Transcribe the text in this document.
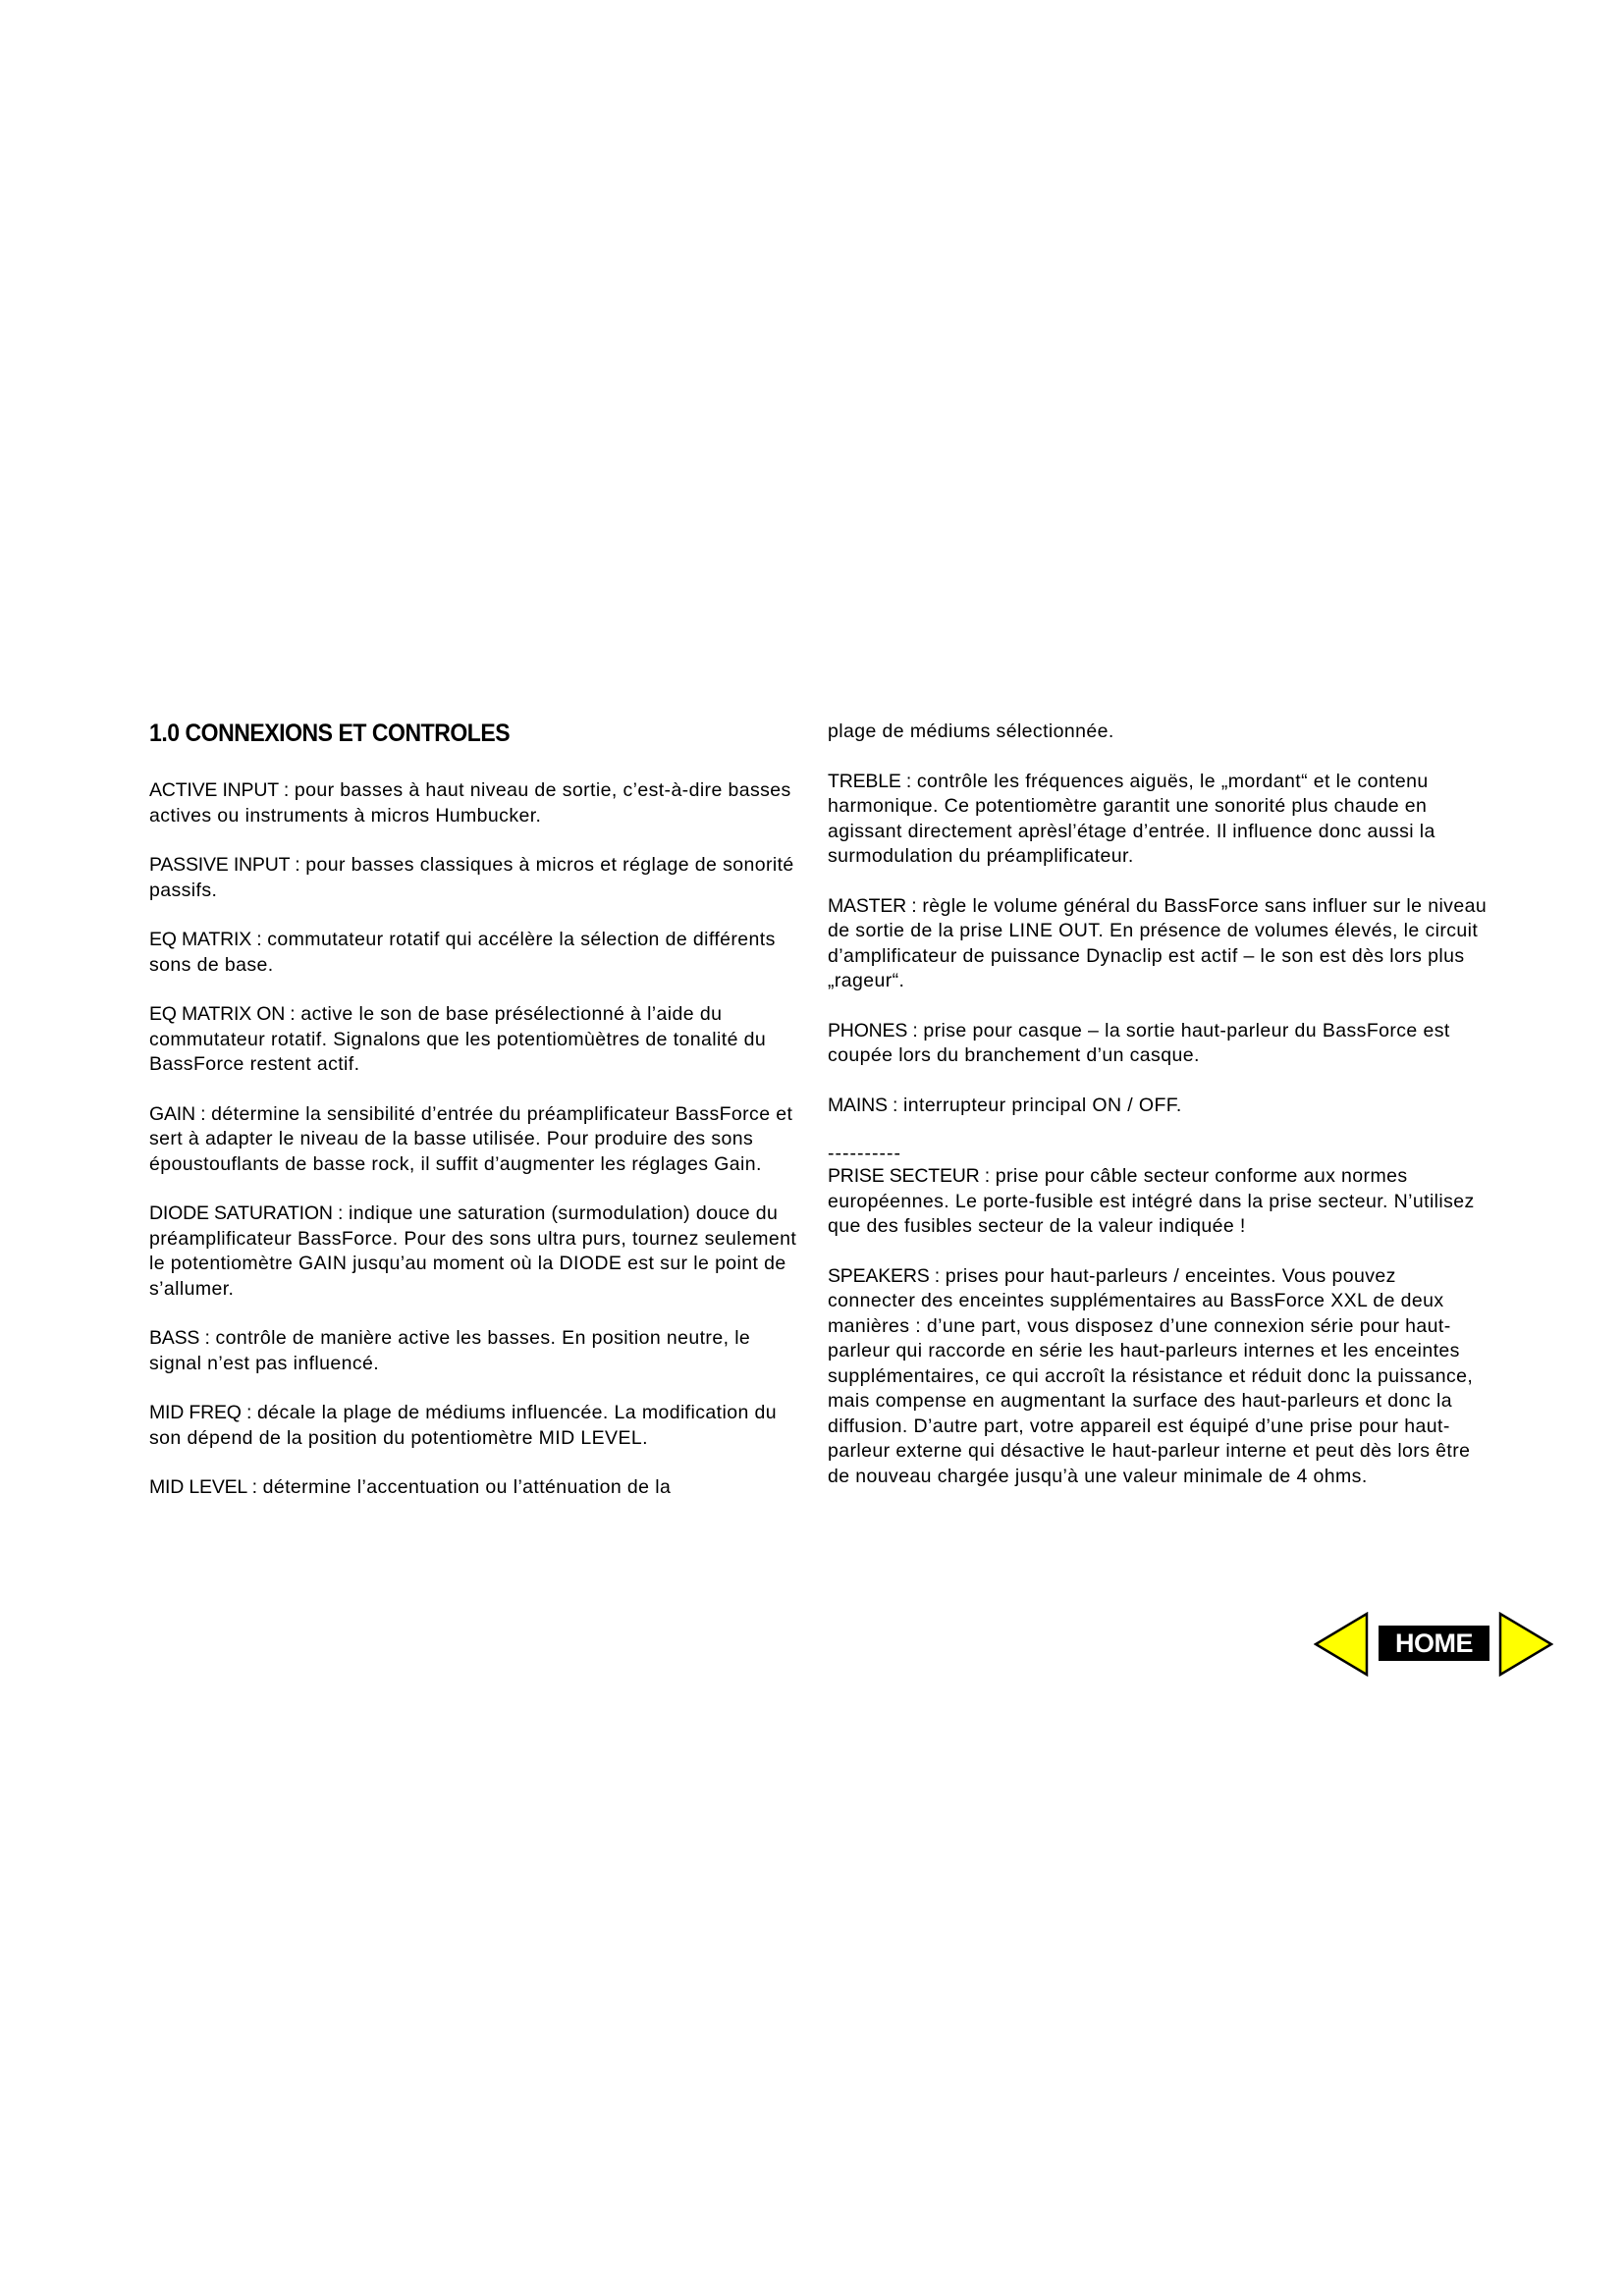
1.0 CONNEXIONS ET CONTROLES

ACTIVE INPUT : pour basses à haut niveau de sortie, c’est-à-dire basses actives ou instruments à micros Humbucker.

PASSIVE INPUT : pour basses classiques à micros et réglage de sonorité passifs.

EQ MATRIX : commutateur rotatif qui accélère la sélection de différents sons de base.

EQ MATRIX ON : active le son de base présélectionné à l’aide du commutateur rotatif. Signalons que les potentiomùètres de tonalité du BassForce restent actif.

GAIN : détermine la sensibilité d’entrée du préamplificateur BassForce et sert à adapter le niveau de la basse utilisée. Pour produire des sons époustouflants de basse rock, il suffit d’augmenter les réglages Gain.

DIODE SATURATION : indique une saturation (surmodulation) douce du préamplificateur BassForce. Pour des sons ultra purs, tournez seulement le potentiomètre GAIN jusqu’au moment où la DIODE est sur le point de s’allumer.

BASS : contrôle de manière active les basses. En position neutre, le signal n’est pas influencé.

MID FREQ : décale la plage de médiums influencée. La modification du son dépend de la position du potentiomètre MID LEVEL.

MID LEVEL : détermine l’accentuation ou l’atténuation de la

plage de médiums sélectionnée.

TREBLE : contrôle les fréquences aiguës, le „mordant“ et le contenu harmonique. Ce potentiomètre garantit une sonorité plus chaude en agissant directement aprèsl’étage d’entrée. Il influence donc aussi la surmodulation du préamplificateur.

MASTER : règle le volume général du BassForce sans influer sur le niveau de sortie de la prise LINE OUT. En présence de volumes élevés, le circuit d’amplificateur de puissance Dynaclip est actif – le son est dès lors plus „rageur“.

PHONES : prise pour casque – la sortie haut-parleur du BassForce est coupée lors du branchement d’un casque.

MAINS : interrupteur principal ON / OFF.

----------

PRISE SECTEUR : prise pour câble secteur conforme aux normes européennes. Le porte-fusible est intégré dans la prise secteur. N’utilisez que des fusibles secteur de la valeur indiquée !

SPEAKERS : prises pour haut-parleurs / enceintes. Vous pouvez connecter des enceintes supplémentaires au BassForce XXL de deux manières : d’une part, vous disposez d’une connexion série pour haut-parleur qui raccorde en série les haut-parleurs internes et les enceintes supplémentaires, ce qui accroît la résistance et réduit donc la puissance, mais compense en augmentant la surface des haut-parleurs et donc la diffusion. D’autre part, votre appareil est équipé d’une prise pour haut-parleur externe qui désactive le haut-parleur interne et peut dès lors être de nouveau chargée jusqu’à une valeur minimale de 4 ohms.

HOME
